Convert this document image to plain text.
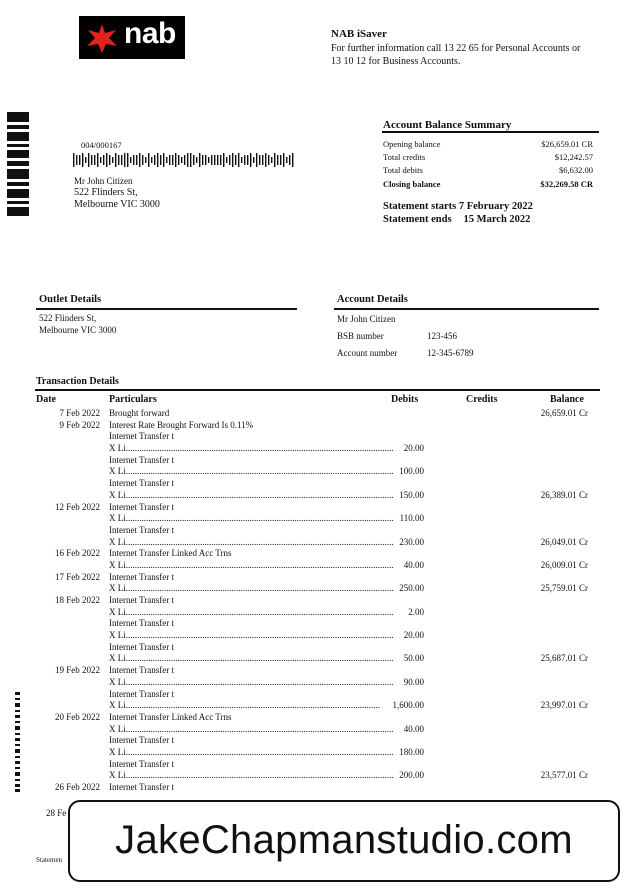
nab	NAB iSaver
For further information call 13 22 65 for Personal Accounts or 13 10 12 for Business Accounts.
004/000167
Mr John Citizen
522 Flinders St,
Melbourne VIC 3000
Account Balance Summary
Opening balance	$26,659.01 CR
Total credits	$12,242.57
Total debits	$6,632.00
Closing balance	$32,269.58 CR
Statement starts 7 February 2022
Statement ends 15 March 2022
Outlet Details
522 Flinders St,
Melbourne VIC 3000
Account Details
Mr John Citizen
BSB number	123-456
Account number	12-345-6789
Transaction Details
Date	Particulars	Debits	Credits	Balance
7 Feb 2022 Brought forward	26,659.01 Cr
9 Feb 2022 Interest Rate Brought Forward Is 0.11%
Internet Transfer t
X Li .....	20.00
Internet Transfer t
X Li .....	100.00
Internet Transfer t
X Li .....	150.00	26,389.01 Cr
12 Feb 2022 Internet Transfer t
X Li .....	110.00
Internet Transfer t
X Li .....	230.00	26,049.01 Cr
16 Feb 2022 Internet Transfer Linked Acc Trns
X Li .....	40.00	26,009.01 Cr
17 Feb 2022 Internet Transfer t
X Li .....	250.00	25,759.01 Cr
18 Feb 2022 Internet Transfer t
X Li .....	2.00
Internet Transfer t
X Li .....	20.00
Internet Transfer t
X Li .....	50.00	25,687.01 Cr
19 Feb 2022 Internet Transfer t
X Li .....	90.00
Internet Transfer t
X Li .....	1,600.00	23,997.01 Cr
20 Feb 2022 Internet Transfer Linked Acc Trns
X Li .....	40.00
Internet Transfer t
X Li .....	180.00
Internet Transfer t
X Li .....	200.00	23,577.01 Cr
26 Feb 2022 Internet Transfer t
28 Fe
Statemen	JakeChapmanstudio.com
